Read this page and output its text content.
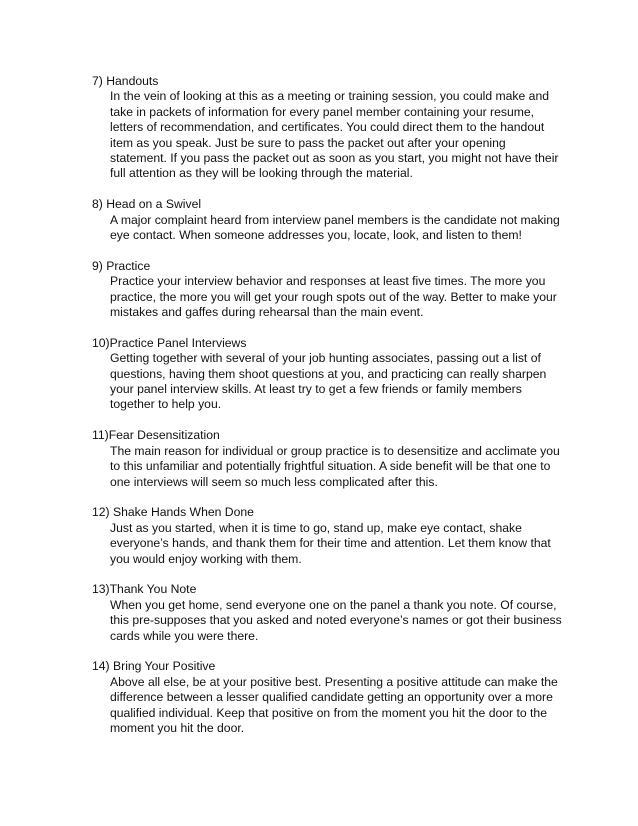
7) Handouts
In the vein of looking at this as a meeting or training session, you could make and take in packets of information for every panel member containing your resume, letters of recommendation, and certificates. You could direct them to the handout item as you speak. Just be sure to pass the packet out after your opening statement. If you pass the packet out as soon as you start, you might not have their full attention as they will be looking through the material.
8) Head on a Swivel
A major complaint heard from interview panel members is the candidate not making eye contact. When someone addresses you, locate, look, and listen to them!
9) Practice
Practice your interview behavior and responses at least five times. The more you practice, the more you will get your rough spots out of the way. Better to make your mistakes and gaffes during rehearsal than the main event.
10)Practice Panel Interviews
Getting together with several of your job hunting associates, passing out a list of questions, having them shoot questions at you, and practicing can really sharpen your panel interview skills. At least try to get a few friends or family members together to help you.
11)Fear Desensitization
The main reason for individual or group practice is to desensitize and acclimate you to this unfamiliar and potentially frightful situation. A side benefit will be that one to one interviews will seem so much less complicated after this.
12) Shake Hands When Done
Just as you started, when it is time to go, stand up, make eye contact, shake everyone’s hands, and thank them for their time and attention. Let them know that you would enjoy working with them.
13)Thank You Note
When you get home, send everyone one on the panel a thank you note. Of course, this pre-supposes that you asked and noted everyone’s names or got their business cards while you were there.
14) Bring Your Positive
Above all else, be at your positive best. Presenting a positive attitude can make the difference between a lesser qualified candidate getting an opportunity over a more qualified individual. Keep that positive on from the moment you hit the door to the moment you hit the door.
